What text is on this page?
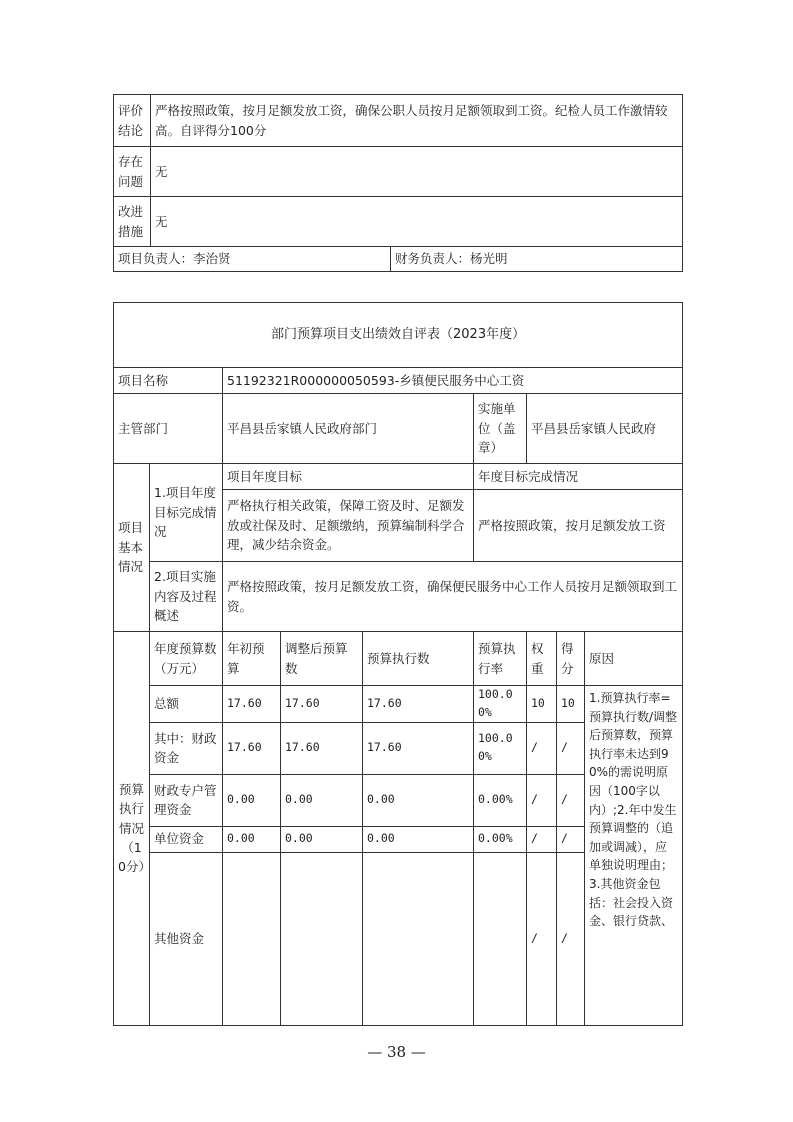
评价结论	严格按照政策，按月足额发放工资，确保公职人员按月足额领取到工资。纪检人员工作激情较高。自评得分100分	
存在问题	无	
改进措施	无	
项目负责人：李治贤		财务负责人：杨光明
部门预算项目支出绩效自评表（2023年度）								
项目名称		51192321R000000050593-乡镇便民服务中心工资						
主管部门		平昌县岳家镇人民政府部门			实施单位（盖章）	平昌县岳家镇人民政府		
项目基本情况	1.项目年度目标完成情况	项目年度目标			年度目标完成情况			
		严格执行相关政策，保障工资及时、足额发放或社保及时、足额缴纳，预算编制科学合理，减少结余资金。			严格按照政策，按月足额发放工资			
	2.项目实施内容及过程概述	严格按照政策，按月足额发放工资，确保便民服务中心工作人员按月足额领取到工资。						
预算执行情况（10分）	年度预算数（万元）	年初预算	调整后预算数	预算执行数	预算执行率	权重	得分	原因
	总额	17.60	17.60	17.60	100.00%	10	10	1.预算执行率=预算执行数/调整后预算数，预算执行率未达到90%的需说明原因（100字以内）;2.年中发生预算调整的（追加或调减），应单独说明理由；3.其他资金包括：社会投入资金、银行贷款、
	其中：财政资金	17.60	17.60	17.60	100.00%	/	/	
	财政专户管理资金	0.00	0.00	0.00	0.00%	/	/	
	单位资金	0.00	0.00	0.00	0.00%	/	/	
	其他资金					/	/	
— 38 —
